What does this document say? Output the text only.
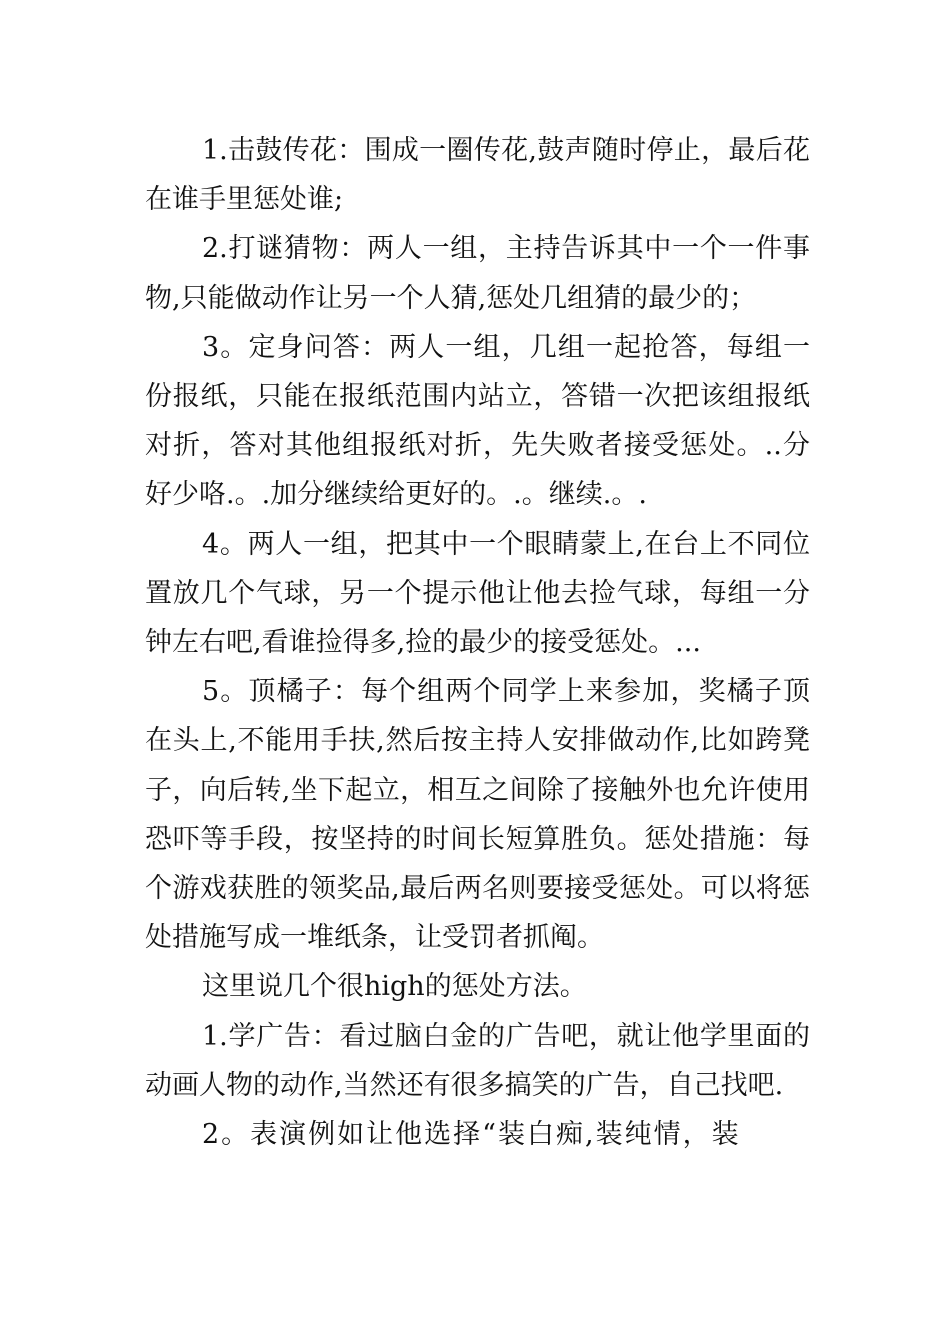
1.击鼓传花：围成一圈传花,鼓声随时停止，最后花在谁手里惩处谁;

2.打谜猜物：两人一组，主持告诉其中一个一件事物,只能做动作让另一个人猜,惩处几组猜的最少的；

3。定身问答：两人一组，几组一起抢答，每组一份报纸，只能在报纸范围内站立，答错一次把该组报纸对折，答对其他组报纸对折，先失败者接受惩处。..分好少咯.。.加分继续给更好的。.。继续.。.

4。两人一组，把其中一个眼睛蒙上,在台上不同位置放几个气球，另一个提示他让他去捡气球，每组一分钟左右吧,看谁捡得多,捡的最少的接受惩处。...

5。顶橘子：每个组两个同学上来参加，奖橘子顶在头上,不能用手扶,然后按主持人安排做动作,比如跨凳子，向后转,坐下起立，相互之间除了接触外也允许使用恐吓等手段，按坚持的时间长短算胜负。惩处措施：每个游戏获胜的领奖品,最后两名则要接受惩处。可以将惩处措施写成一堆纸条，让受罚者抓阄。

这里说几个很high的惩处方法。

1.学广告：看过脑白金的广告吧，就让他学里面的动画人物的动作,当然还有很多搞笑的广告，自己找吧.

2。表演例如让他选择“装白痴,装纯情，装
